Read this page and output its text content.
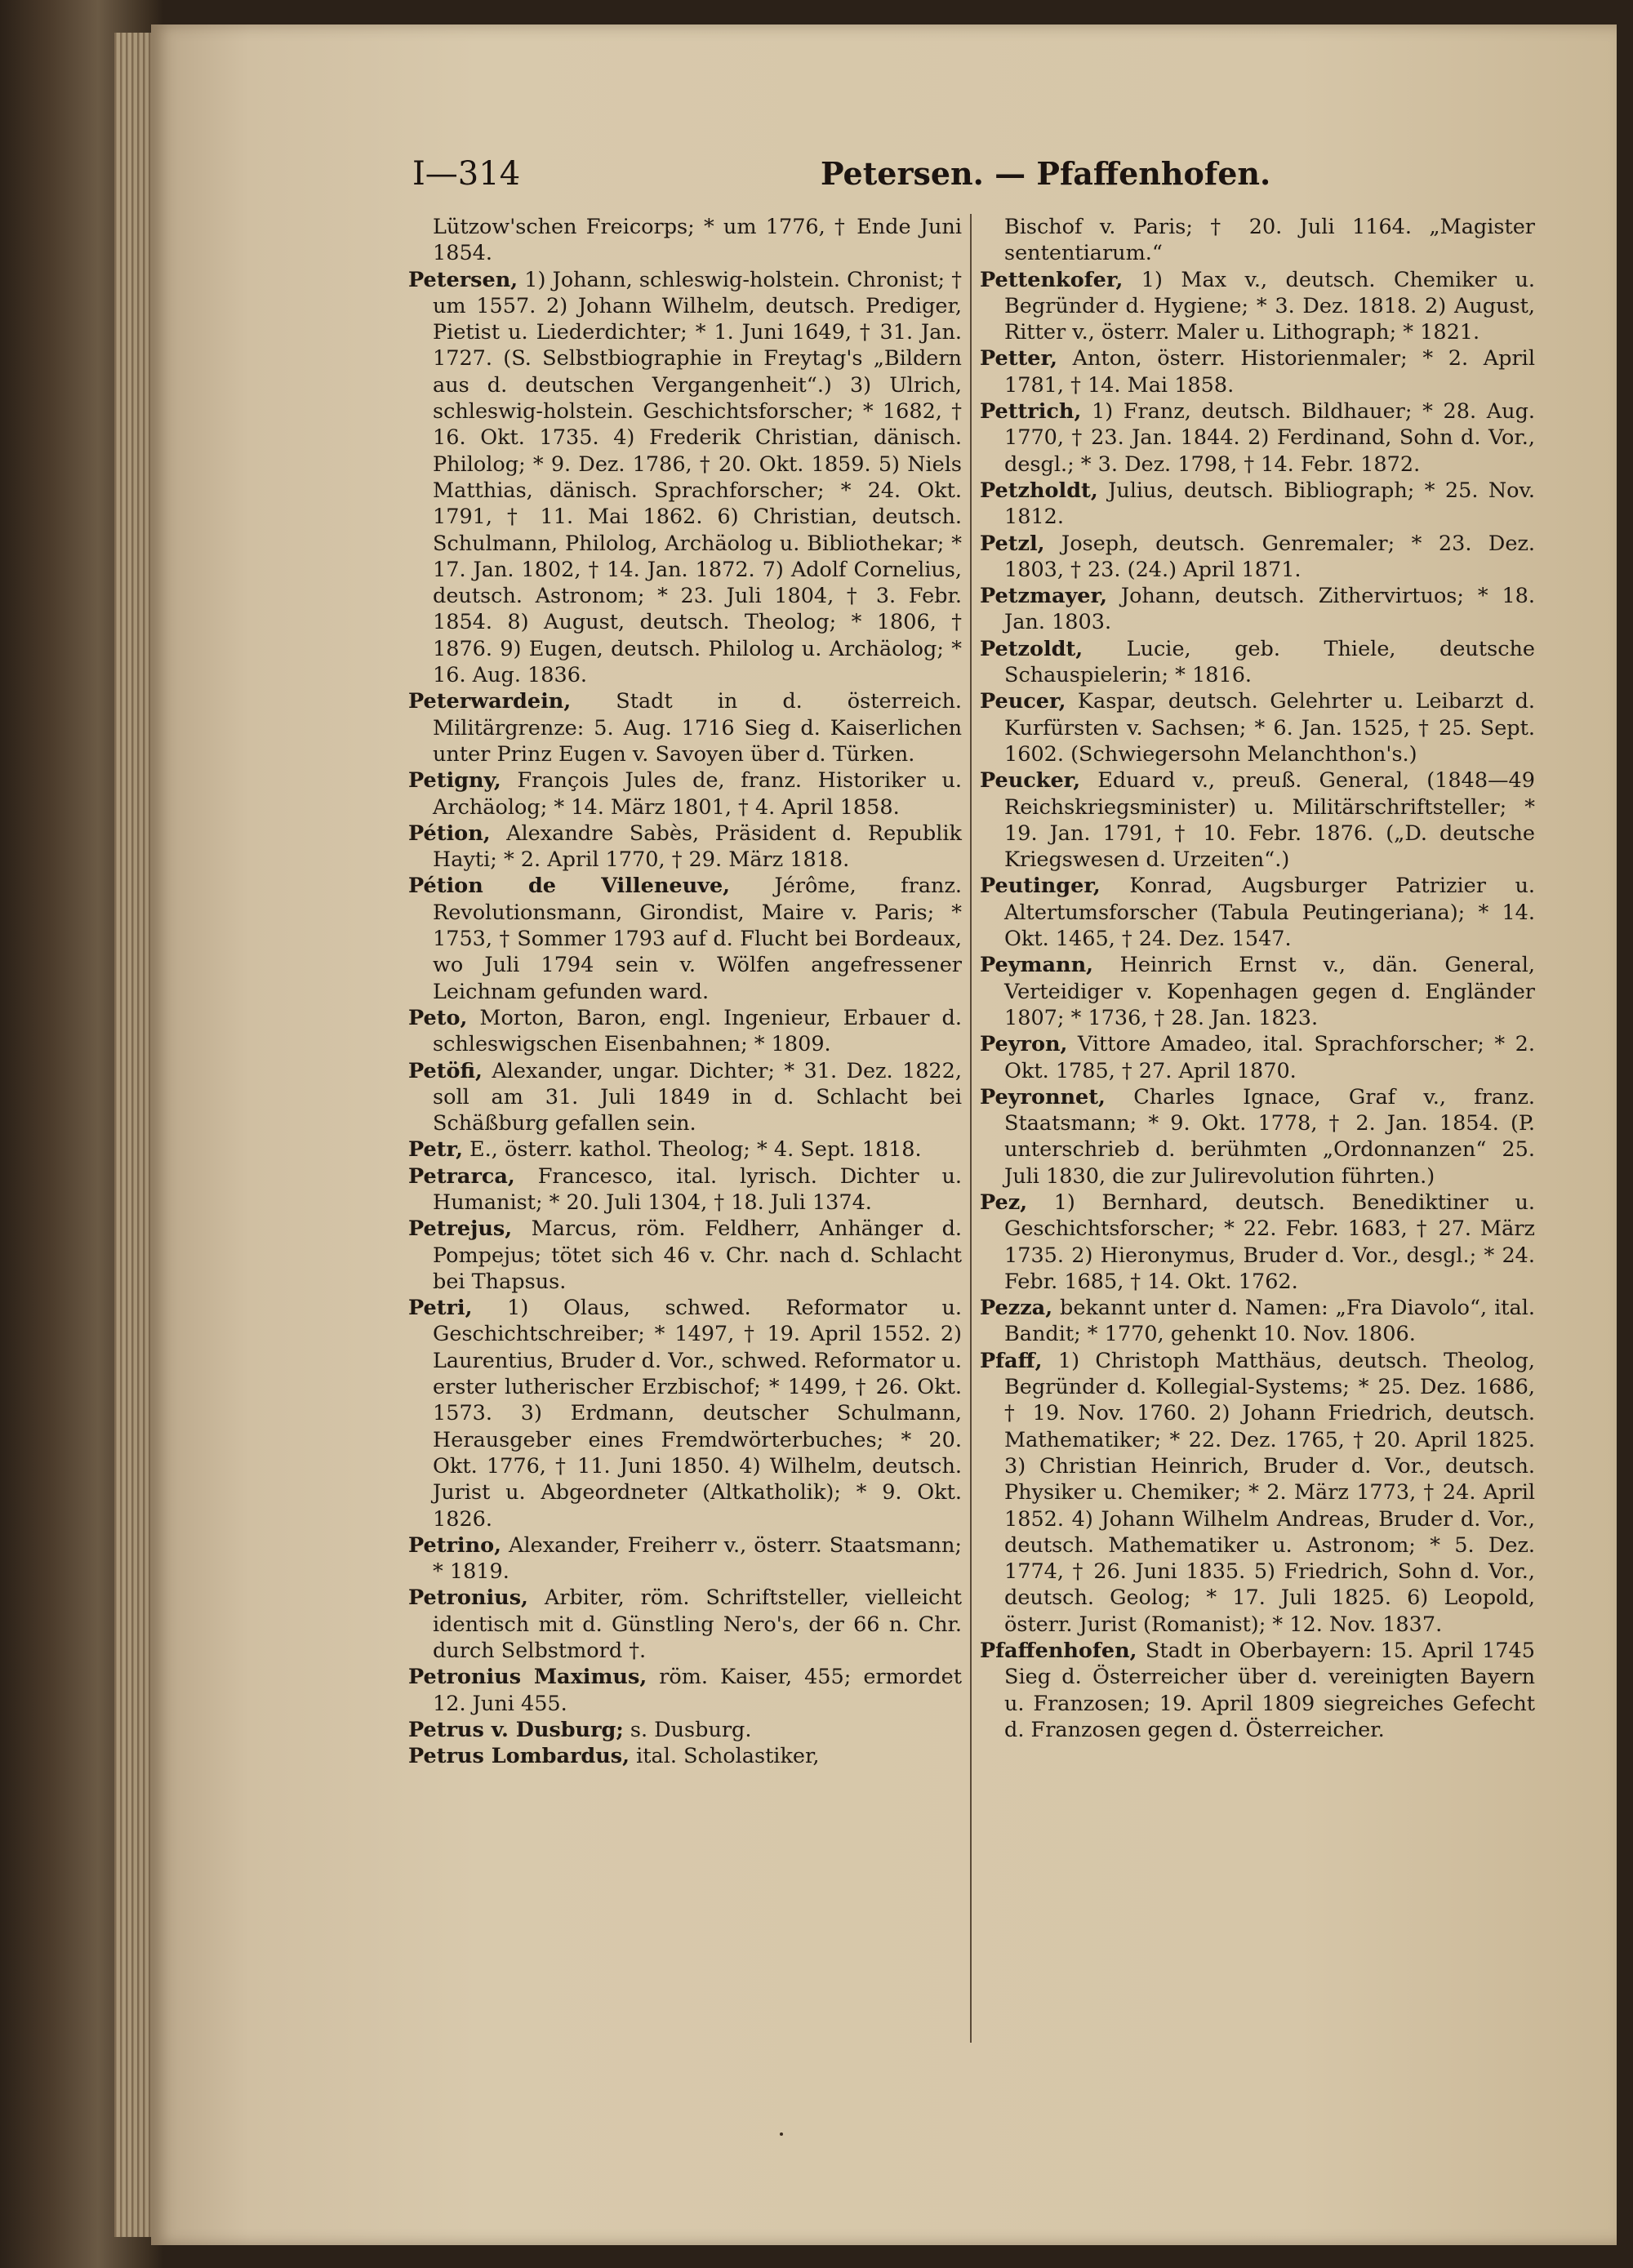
I—314	Petersen. — Pfaffenhofen.

Lützow'schen Freicorps; * um 1776, † Ende Juni 1854.

Petersen, 1) Johann, schleswig-holstein. Chronist; † um 1557. 2) Johann Wilhelm, deutsch. Prediger, Pietist u. Liederdichter; * 1. Juni 1649, † 31. Jan. 1727. (S. Selbstbiographie in Freytag's „Bildern aus d. deutschen Vergangenheit“.) 3) Ulrich, schleswig-holstein. Geschichtsforscher; * 1682, † 16. Okt. 1735. 4) Frederik Christian, dänisch. Philolog; * 9. Dez. 1786, † 20. Okt. 1859. 5) Niels Matthias, dänisch. Sprachforscher; * 24. Okt. 1791, † 11. Mai 1862. 6) Christian, deutsch. Schulmann, Philolog, Archäolog u. Bibliothekar; * 17. Jan. 1802, † 14. Jan. 1872. 7) Adolf Cornelius, deutsch. Astronom; * 23. Juli 1804, † 3. Febr. 1854. 8) August, deutsch. Theolog; * 1806, † 1876. 9) Eugen, deutsch. Philolog u. Archäolog; * 16. Aug. 1836.

Peterwardein, Stadt in d. österreich. Militärgrenze: 5. Aug. 1716 Sieg d. Kaiserlichen unter Prinz Eugen v. Savoyen über d. Türken.

Petigny, François Jules de, franz. Historiker u. Archäolog; * 14. März 1801, † 4. April 1858.

Pétion, Alexandre Sabès, Präsident d. Republik Hayti; * 2. April 1770, † 29. März 1818.

Pétion de Villeneuve, Jérôme, franz. Revolutionsmann, Girondist, Maire v. Paris; * 1753, † Sommer 1793 auf d. Flucht bei Bordeaux, wo Juli 1794 sein v. Wölfen angefressener Leichnam gefunden ward.

Peto, Morton, Baron, engl. Ingenieur, Erbauer d. schleswigschen Eisenbahnen; * 1809.

Petöfi, Alexander, ungar. Dichter; * 31. Dez. 1822, soll am 31. Juli 1849 in d. Schlacht bei Schäßburg gefallen sein.

Petr, E., österr. kathol. Theolog; * 4. Sept. 1818.

Petrarca, Francesco, ital. lyrisch. Dichter u. Humanist; * 20. Juli 1304, † 18. Juli 1374.

Petrejus, Marcus, röm. Feldherr, Anhänger d. Pompejus; tötet sich 46 v. Chr. nach d. Schlacht bei Thapsus.

Petri, 1) Olaus, schwed. Reformator u. Geschichtschreiber; * 1497, † 19. April 1552. 2) Laurentius, Bruder d. Vor., schwed. Reformator u. erster lutherischer Erzbischof; * 1499, † 26. Okt. 1573. 3) Erdmann, deutscher Schulmann, Herausgeber eines Fremdwörterbuches; * 20. Okt. 1776, † 11. Juni 1850. 4) Wilhelm, deutsch. Jurist u. Abgeordneter (Altkatholik); * 9. Okt. 1826.

Petrino, Alexander, Freiherr v., österr. Staatsmann; * 1819.

Petronius, Arbiter, röm. Schriftsteller, vielleicht identisch mit d. Günstling Nero's, der 66 n. Chr. durch Selbstmord †.

Petronius Maximus, röm. Kaiser, 455; ermordet 12. Juni 455.

Petrus v. Dusburg; s. Dusburg.

Petrus Lombardus, ital. Scholastiker,

Bischof v. Paris; † 20. Juli 1164. „Magister sententiarum.“

Pettenkofer, 1) Max v., deutsch. Chemiker u. Begründer d. Hygiene; * 3. Dez. 1818. 2) August, Ritter v., österr. Maler u. Lithograph; * 1821.

Petter, Anton, österr. Historienmaler; * 2. April 1781, † 14. Mai 1858.

Pettrich, 1) Franz, deutsch. Bildhauer; * 28. Aug. 1770, † 23. Jan. 1844. 2) Ferdinand, Sohn d. Vor., desgl.; * 3. Dez. 1798, † 14. Febr. 1872.

Petzholdt, Julius, deutsch. Bibliograph; * 25. Nov. 1812.

Petzl, Joseph, deutsch. Genremaler; * 23. Dez. 1803, † 23. (24.) April 1871.

Petzmayer, Johann, deutsch. Zithervirtuos; * 18. Jan. 1803.

Petzoldt, Lucie, geb. Thiele, deutsche Schauspielerin; * 1816.

Peucer, Kaspar, deutsch. Gelehrter u. Leibarzt d. Kurfürsten v. Sachsen; * 6. Jan. 1525, † 25. Sept. 1602. (Schwiegersohn Melanchthon's.)

Peucker, Eduard v., preuß. General, (1848—49 Reichskriegsminister) u. Militärschriftsteller; * 19. Jan. 1791, † 10. Febr. 1876. („D. deutsche Kriegswesen d. Urzeiten“.)

Peutinger, Konrad, Augsburger Patrizier u. Altertumsforscher (Tabula Peutingeriana); * 14. Okt. 1465, † 24. Dez. 1547.

Peymann, Heinrich Ernst v., dän. General, Verteidiger v. Kopenhagen gegen d. Engländer 1807; * 1736, † 28. Jan. 1823.

Peyron, Vittore Amadeo, ital. Sprachforscher; * 2. Okt. 1785, † 27. April 1870.

Peyronnet, Charles Ignace, Graf v., franz. Staatsmann; * 9. Okt. 1778, † 2. Jan. 1854. (P. unterschrieb d. berühmten „Ordonnanzen“ 25. Juli 1830, die zur Julirevolution führten.)

Pez, 1) Bernhard, deutsch. Benediktiner u. Geschichtsforscher; * 22. Febr. 1683, † 27. März 1735. 2) Hieronymus, Bruder d. Vor., desgl.; * 24. Febr. 1685, † 14. Okt. 1762.

Pezza, bekannt unter d. Namen: „Fra Diavolo“, ital. Bandit; * 1770, gehenkt 10. Nov. 1806.

Pfaff, 1) Christoph Matthäus, deutsch. Theolog, Begründer d. Kollegial-Systems; * 25. Dez. 1686, † 19. Nov. 1760. 2) Johann Friedrich, deutsch. Mathematiker; * 22. Dez. 1765, † 20. April 1825. 3) Christian Heinrich, Bruder d. Vor., deutsch. Physiker u. Chemiker; * 2. März 1773, † 24. April 1852. 4) Johann Wilhelm Andreas, Bruder d. Vor., deutsch. Mathematiker u. Astronom; * 5. Dez. 1774, † 26. Juni 1835. 5) Friedrich, Sohn d. Vor., deutsch. Geolog; * 17. Juli 1825. 6) Leopold, österr. Jurist (Romanist); * 12. Nov. 1837.

Pfaffenhofen, Stadt in Oberbayern: 15. April 1745 Sieg d. Österreicher über d. vereinigten Bayern u. Franzosen; 19. April 1809 siegreiches Gefecht d. Franzosen gegen d. Österreicher.
